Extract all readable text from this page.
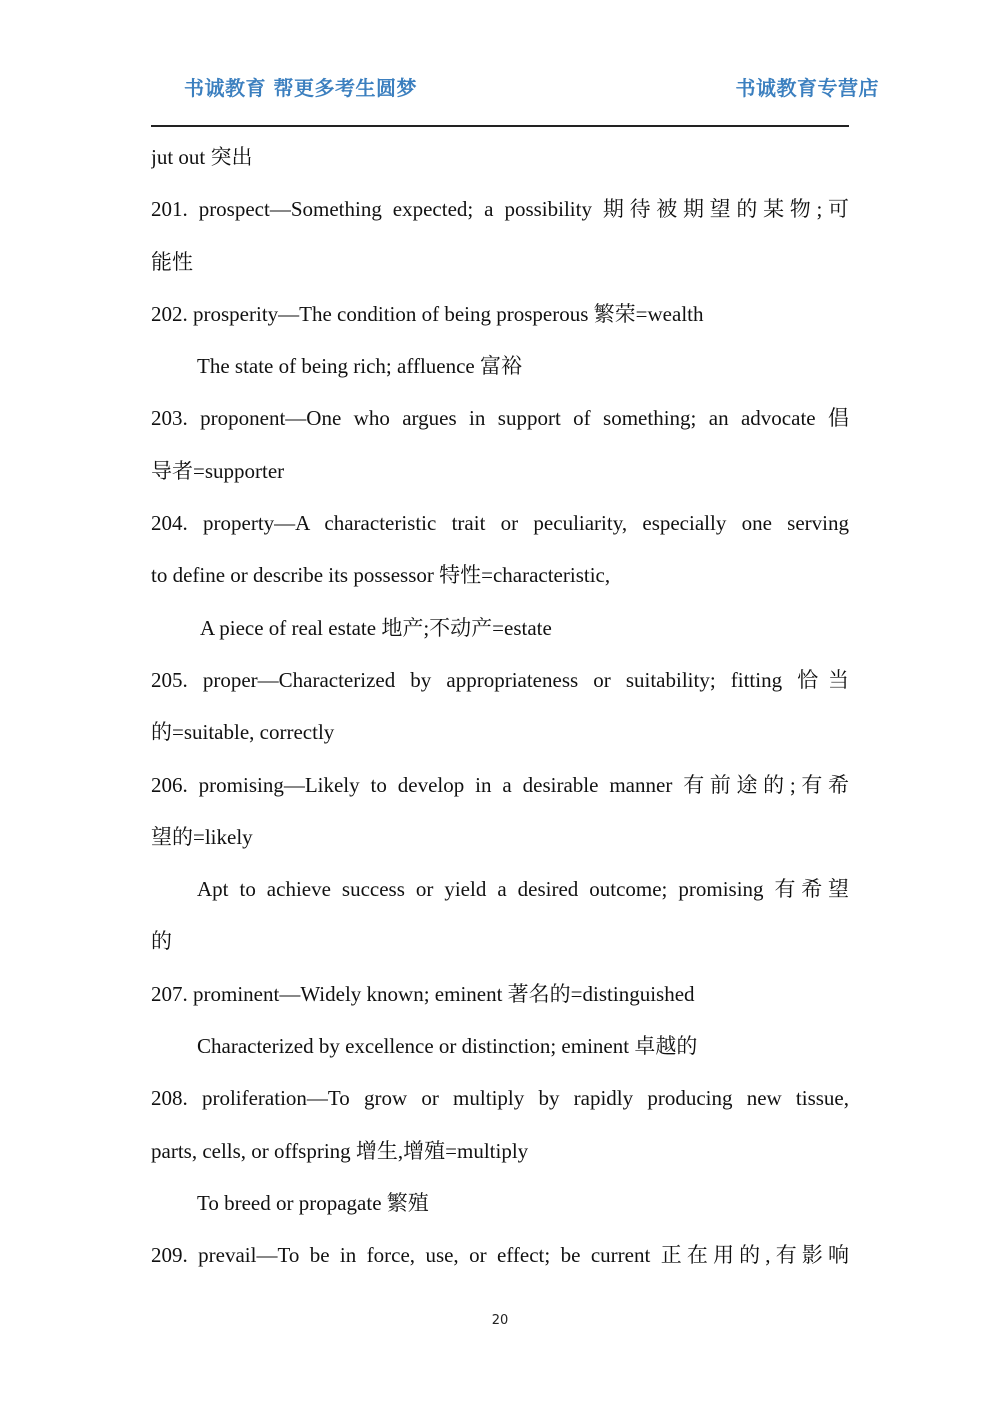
书诚教育 帮更多考生圆梦	书诚教育专营店
jut out 突出
201. prospect—Something expected; a possibility 期待被期望的某物;可
能性
202. prosperity—The condition of being prosperous 繁荣=wealth
The state of being rich; affluence 富裕
203. proponent—One who argues in support of something; an advocate 倡
导者=supporter
204. property—A characteristic trait or peculiarity, especially one serving
to define or describe its possessor 特性=characteristic,
A piece of real estate 地产;不动产=estate
205. proper—Characterized by appropriateness or suitability; fitting 恰当
的=suitable, correctly
206. promising—Likely to develop in a desirable manner 有前途的;有希
望的=likely
Apt to achieve success or yield a desired outcome; promising 有希望
的
207. prominent—Widely known; eminent 著名的=distinguished
Characterized by excellence or distinction; eminent 卓越的
208. proliferation—To grow or multiply by rapidly producing new tissue,
parts, cells, or offspring 增生,增殖=multiply
To breed or propagate 繁殖
209. prevail—To be in force, use, or effect; be current 正在用的,有影响
20
